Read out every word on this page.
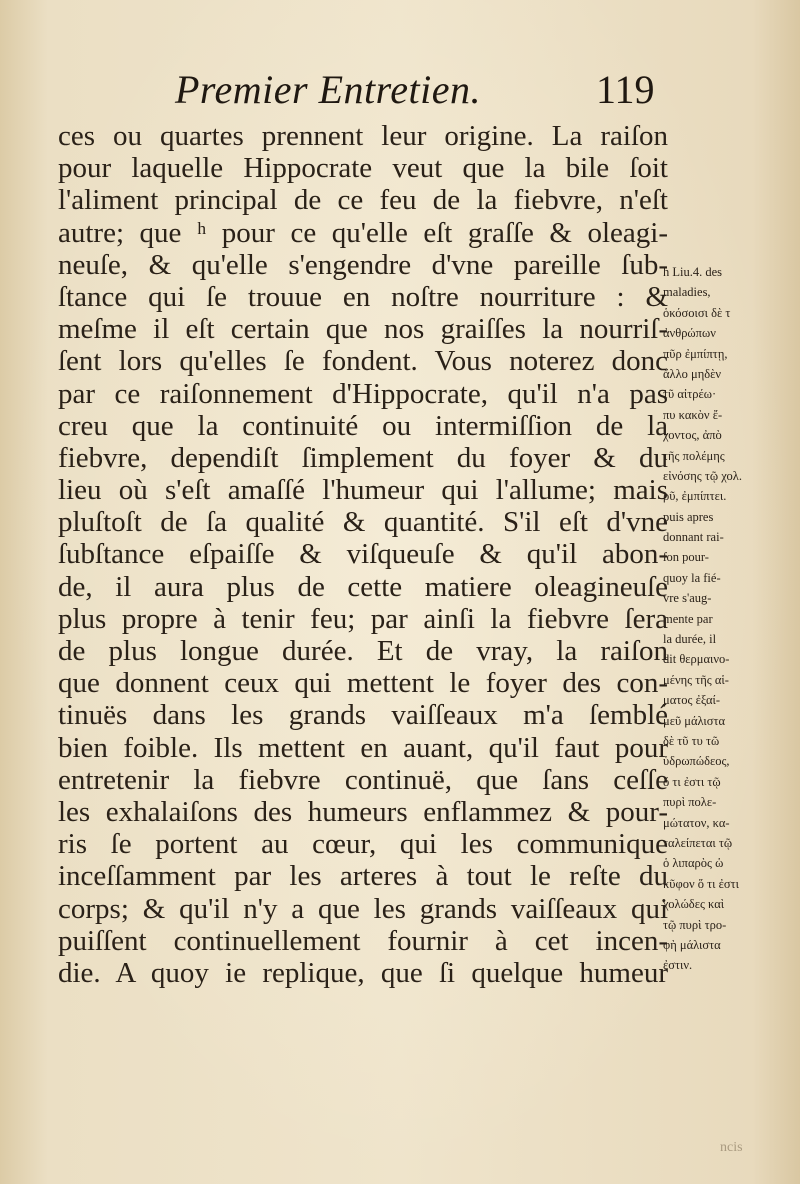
Premier Entretien.	119
ces ou quartes prennent leur origine. La raiſon
pour laquelle Hippocrate veut que la bile ſoit
l'aliment principal de ce feu de la fiebvre, n'eſt
autre; que ʰ pour ce qu'elle eſt graſſe & oleagi-
neuſe, & qu'elle s'engendre d'vne pareille ſub-
ſtance qui ſe trouue en noſtre nourriture : &
meſme il eſt certain que nos graiſſes la nourriſ-
ſent lors qu'elles ſe fondent. Vous noterez donc
par ce raiſonnement d'Hippocrate, qu'il n'a pas
creu que la continuité ou intermiſſion de la
fiebvre, dependiſt ſimplement du foyer & du
lieu où s'eſt amaſſé l'humeur qui l'allume; mais
pluſtoſt de ſa qualité & quantité. S'il eſt d'vne
ſubſtance eſpaiſſe & viſqueuſe & qu'il abon-
de, il aura plus de cette matiere oleagineuſe
plus propre à tenir feu; par ainſi la fiebvre ſera
de plus longue durée. Et de vray, la raiſon
que donnent ceux qui mettent le foyer des con-
tinuës dans les grands vaiſſeaux m'a ſemblé
bien foible. Ils mettent en auant, qu'il faut pour
entretenir la fiebvre continuë, que ſans ceſſe
les exhalaiſons des humeurs enflammez & pour-
ris ſe portent au cœur, qui les communique
inceſſamment par les arteres à tout le reſte du
corps; & qu'il n'y a que les grands vaiſſeaux qui
puiſſent continuellement fournir à cet incen-
die. A quoy ie replique, que ſi quelque humeur
h Liu.4. des
maladies,
ὁκόσοισι δὲ τ
ἀνθρώπων
πῦρ ἐμπίπτῃ,
ἄλλο μηδὲν
τῦ αἰτρέω·
πυ κακὸν ἔ-
χοντος, ἀπὸ
τῆς πολέμης
εἰνόσης τῷ χολ.
ρῦ, ἐμπίπτει.
puis apres
donnant rai-
ſon pour-
quoy la fié-
vre s'aug-
mente par
la durée, il
dit θερμαινο-
μένης τῆς αἱ-
ματος ἐξαί-
μεῦ μάλιστα
δὲ τῦ τυ τῶ
ὑδρωπώδεος,
ὅ τι ἐστι τῷ
πυρὶ πολε-
μώτατον, κα-
ταλείπεται τῷ
ὁ λιπαρὸς ὡ
κῦφον ὅ τι ἐστι
χολώδες καὶ
τῷ πυρὶ τρο-
φὴ μάλιστα
ἐστιν.
ncis
